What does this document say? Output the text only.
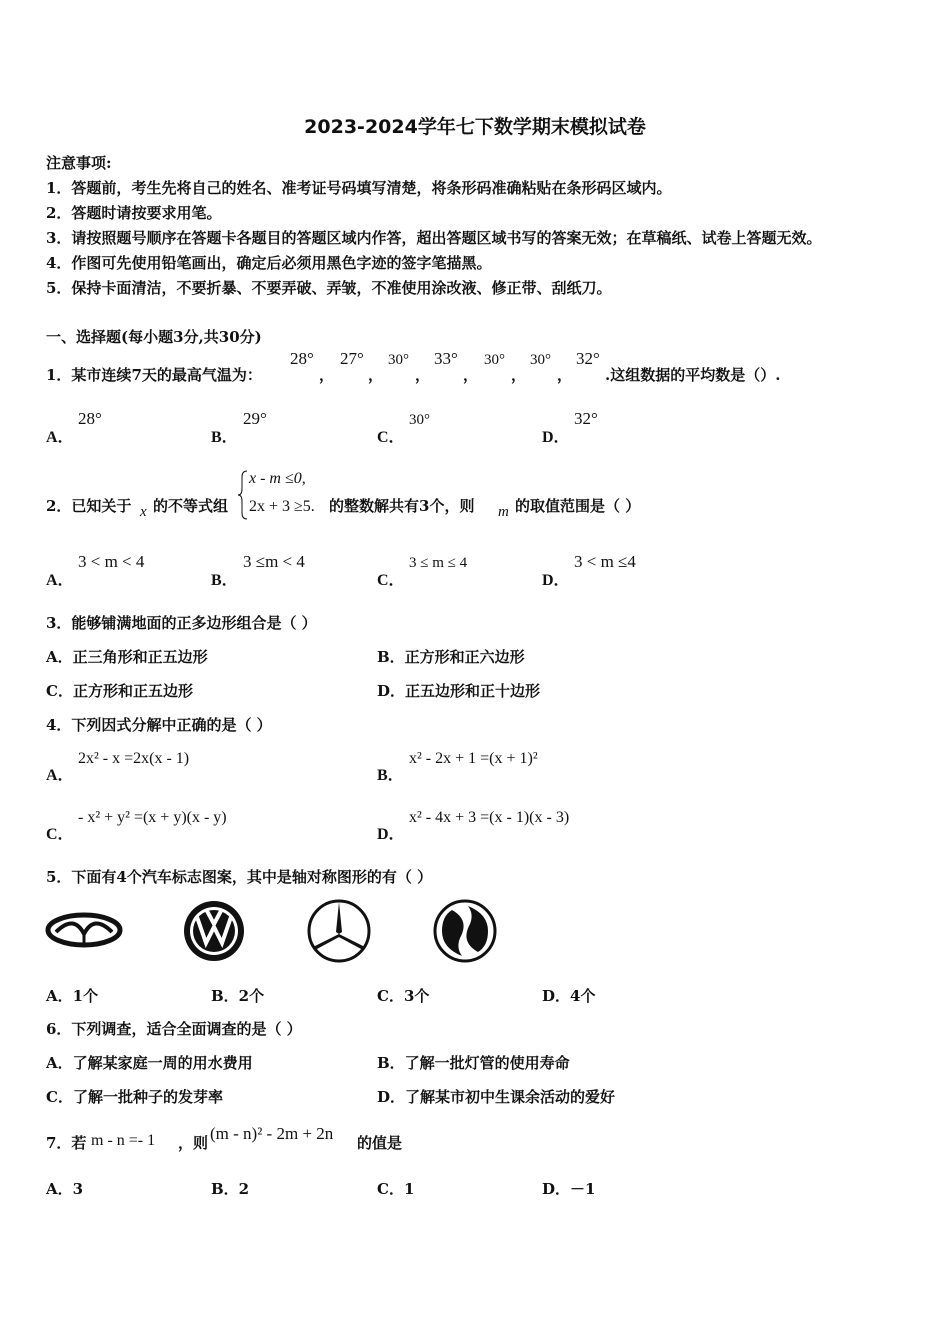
2023-2024学年七下数学期末模拟试卷
注意事项:
1．答题前，考生先将自己的姓名、准考证号码填写清楚，将条形码准确粘贴在条形码区域内。
2．答题时请按要求用笔。
3．请按照题号顺序在答题卡各题目的答题区域内作答，超出答题区域书写的答案无效；在草稿纸、试卷上答题无效。
4．作图可先使用铅笔画出，确定后必须用黑色字迹的签字笔描黑。
5．保持卡面清洁，不要折暴、不要弄破、弄皱，不准使用涂改液、修正带、刮纸刀。
一、选择题(每小题3分,共30分)
1．某市连续7天的最高气温为：
28°
，
27°
，
30°
，
33°
，
30°
，
30°
，
32°
.这组数据的平均数是（）.
A．
28°
B．
29°
C．
30°
D．
32°
2．已知关于 x 的不等式组
x - m ≤0,
2x + 3 ≥5. 的整数解共有3个，则 m 的取值范围是（ ）
A．
3 < m < 4
B．
3 ≤m < 4
C．
3 ≤ m ≤ 4
D．
3 < m ≤4
3．能够铺满地面的正多边形组合是（ ）
A．正三角形和正五边形	B．正方形和正六边形
C．正方形和正五边形	D．正五边形和正十边形
4．下列因式分解中正确的是（ ）
A．
2x² - x =2x(x - 1)
B．
x² - 2x + 1 =(x + 1)²
C．
- x² + y² =(x + y)(x - y)
D．
x² - 4x + 3 =(x - 1)(x - 3)
5．下面有4个汽车标志图案，其中是轴对称图形的有（ ）
A．1个	B．2个	C．3个	D．4个
6．下列调查，适合全面调查的是（ ）
A．了解某家庭一周的用水费用	B．了解一批灯管的使用寿命
C．了解一批种子的发芽率	D．了解某市初中生课余活动的爱好
7．若 m - n =- 1 ，则 (m - n)² - 2m + 2n 的值是
A．3	B．2	C．1	D．－1
